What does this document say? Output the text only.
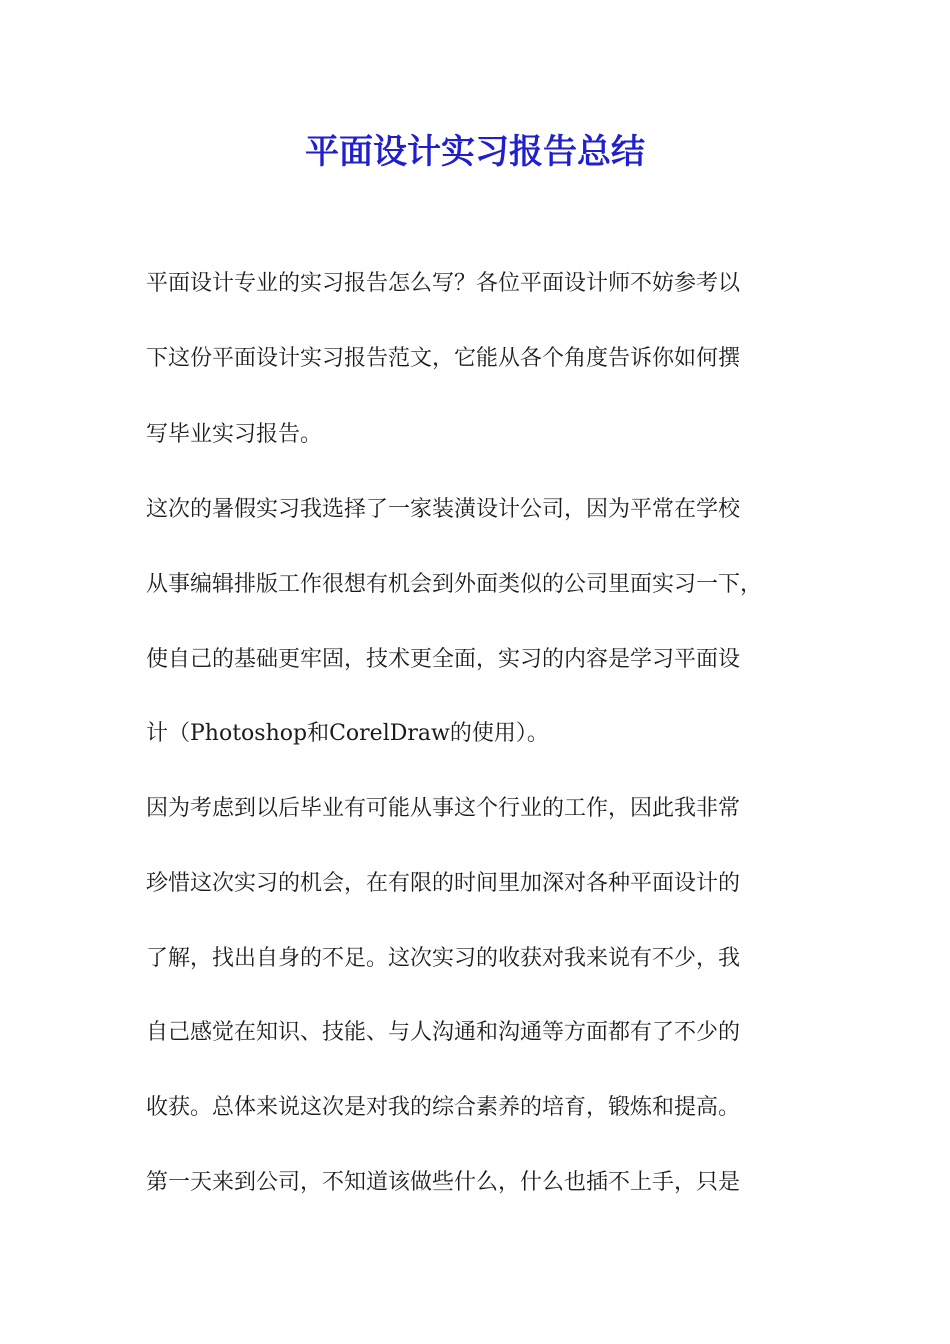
平面设计实习报告总结

平面设计专业的实习报告怎么写？各位平面设计师不妨参考以

下这份平面设计实习报告范文，它能从各个角度告诉你如何撰

写毕业实习报告。

这次的暑假实习我选择了一家装潢设计公司，因为平常在学校

从事编辑排版工作很想有机会到外面类似的公司里面实习一下，

使自己的基础更牢固，技术更全面，实习的内容是学习平面设

计（Photoshop和CorelDraw的使用）。

因为考虑到以后毕业有可能从事这个行业的工作，因此我非常

珍惜这次实习的机会，在有限的时间里加深对各种平面设计的

了解，找出自身的不足。这次实习的收获对我来说有不少，我

自己感觉在知识、技能、与人沟通和沟通等方面都有了不少的

收获。总体来说这次是对我的综合素养的培育，锻炼和提高。

第一天来到公司，不知道该做些什么，什么也插不上手，只是
